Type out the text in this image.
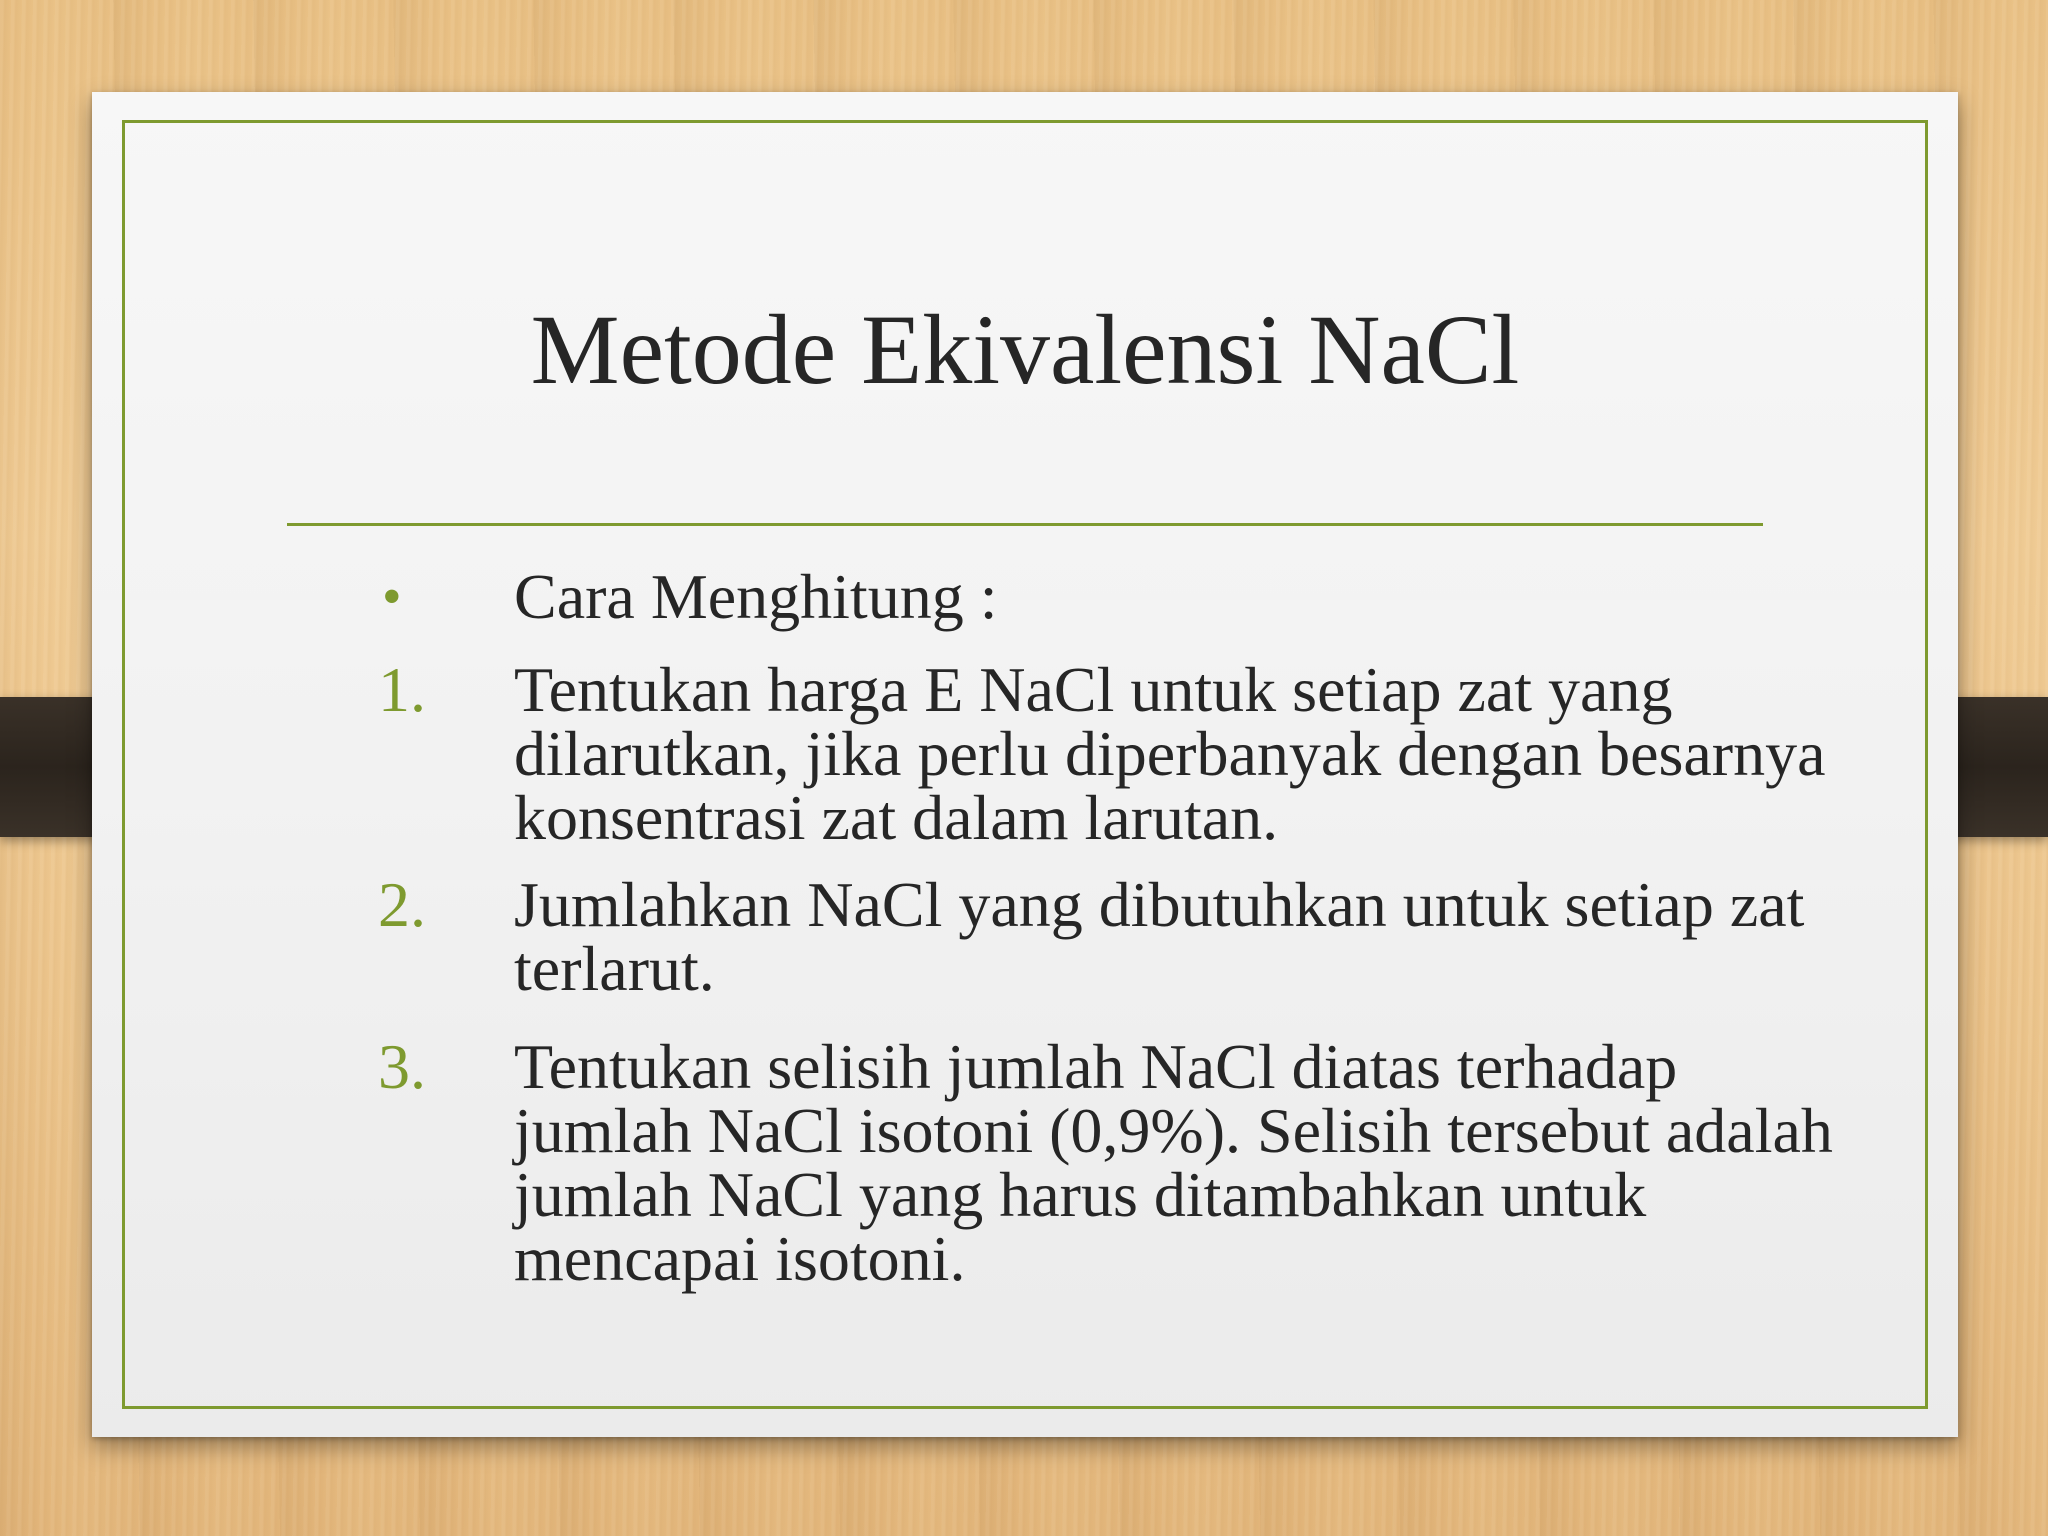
Metode Ekivalensi NaCl
• Cara Menghitung :
1. Tentukan harga E NaCl untuk setiap zat yang dilarutkan, jika perlu diperbanyak dengan besarnya konsentrasi zat dalam larutan.
2. Jumlahkan NaCl yang dibutuhkan untuk setiap zat terlarut.
3. Tentukan selisih jumlah NaCl diatas terhadap jumlah NaCl isotoni (0,9%). Selisih tersebut adalah jumlah NaCl yang harus ditambahkan untuk mencapai isotoni.
